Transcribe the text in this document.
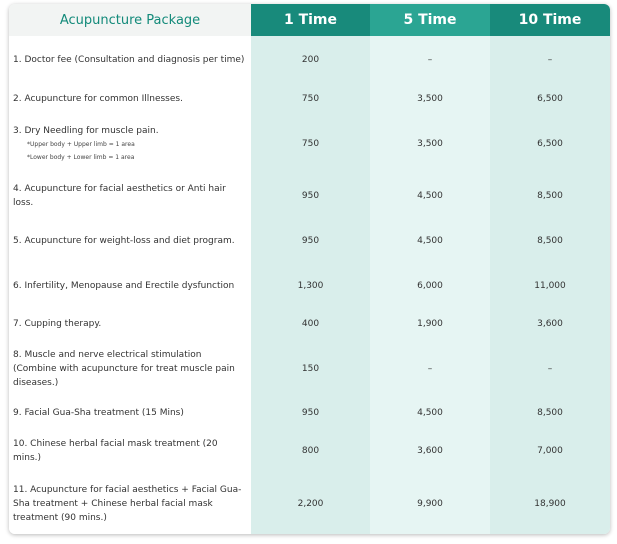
Acupuncture Package	1 Time	5 Time	10 Time
1. Doctor fee (Consultation and diagnosis per time)	200	–	–
2. Acupuncture for common Illnesses.	750	3,500	6,500
3. Dry Needling for muscle pain.
*Upper body + Upper limb = 1 area
*Lower body + Lower limb = 1 area	750	3,500	6,500
4. Acupuncture for facial aesthetics or Anti hair loss.	950	4,500	8,500
5. Acupuncture for weight-loss and diet program.	950	4,500	8,500
6. Infertility, Menopause and Erectile dysfunction	1,300	6,000	11,000
7. Cupping therapy.	400	1,900	3,600
8. Muscle and nerve electrical stimulation (Combine with acupuncture for treat muscle pain diseases.)	150	–	–
9. Facial Gua-Sha treatment (15 Mins)	950	4,500	8,500
10. Chinese herbal facial mask treatment (20 mins.)	800	3,600	7,000
11. Acupuncture for facial aesthetics + Facial Gua-Sha treatment + Chinese herbal facial mask treatment (90 mins.)	2,200	9,900	18,900
